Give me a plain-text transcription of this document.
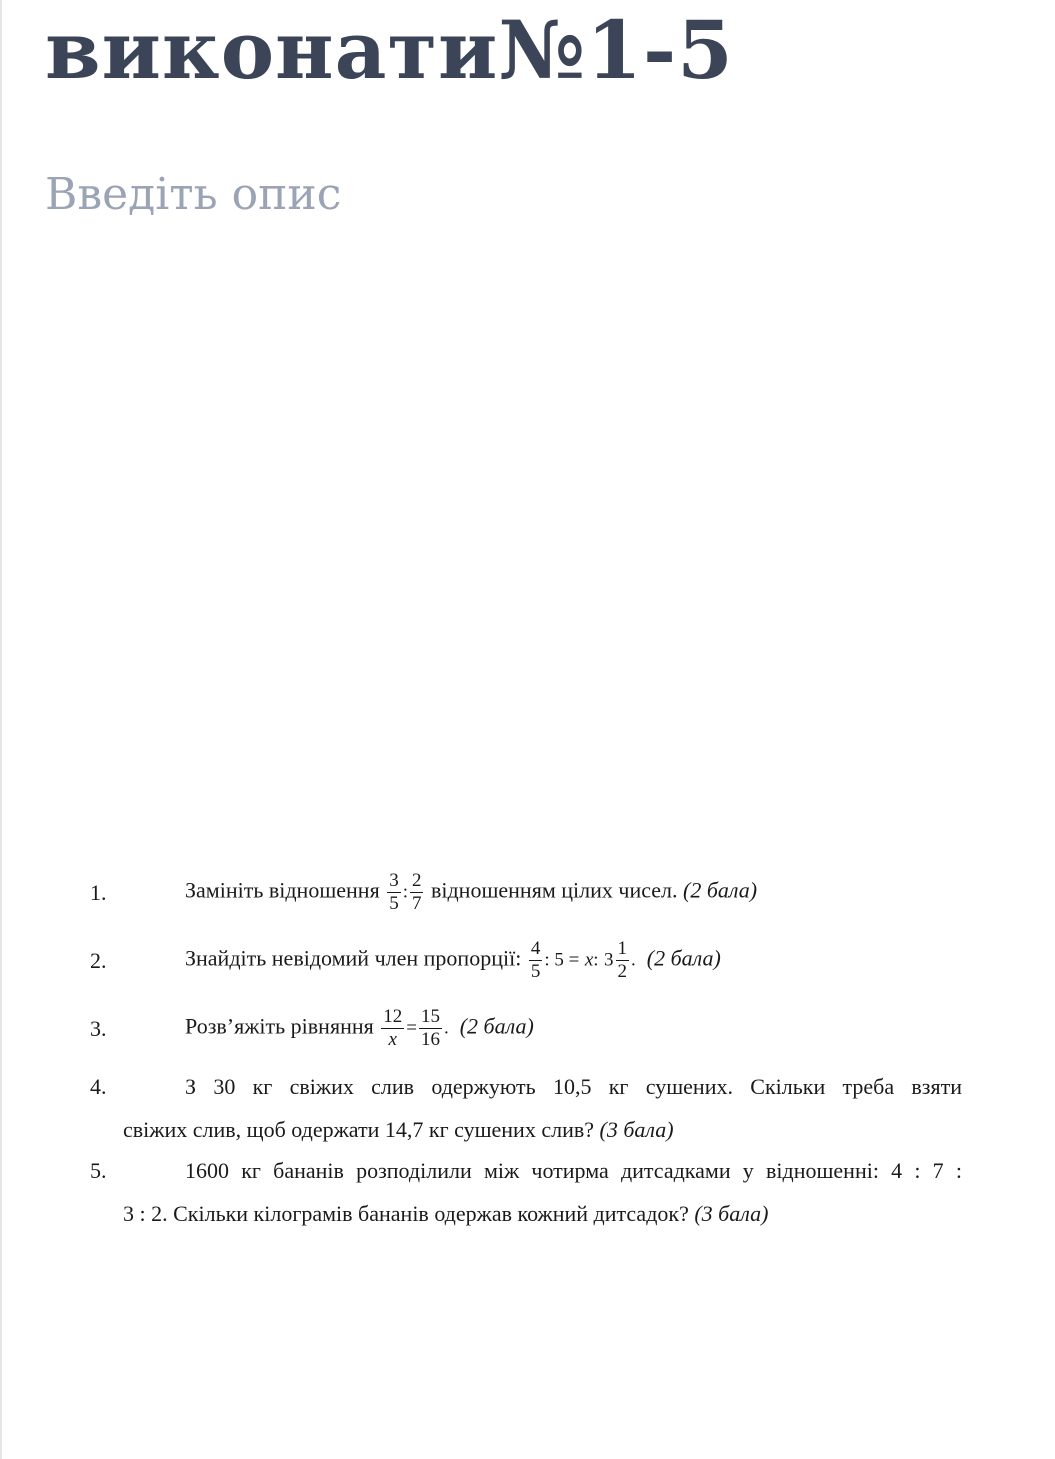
виконати№1-5
Введіть опис
1.	Замініть відношення $\frac{3}{5}$ : $\frac{2}{7}$ відношенням цілих чисел. (2 бала)
2.	Знайдіть невідомий член пропорції: $\frac{4}{5}$ : 5 = x: $3 \frac{1}{2}$ . (2 бала)
3.	Розв’яжіть рівняння $\frac{12}{x} = \frac{15}{16}$ . (2 бала)
4.	З 30 кг свіжих слив одержують 10,5 кг сушених. Скільки треба взяти
свіжих слив, щоб одержати 14,7 кг сушених слив? (3 бала)
5.	1600 кг бананів розподілили між чотирма дитсадками у відношенні: 4 : 7 :
3 : 2. Скільки кілограмів бананів одержав кожний дитсадок? (3 бала)
